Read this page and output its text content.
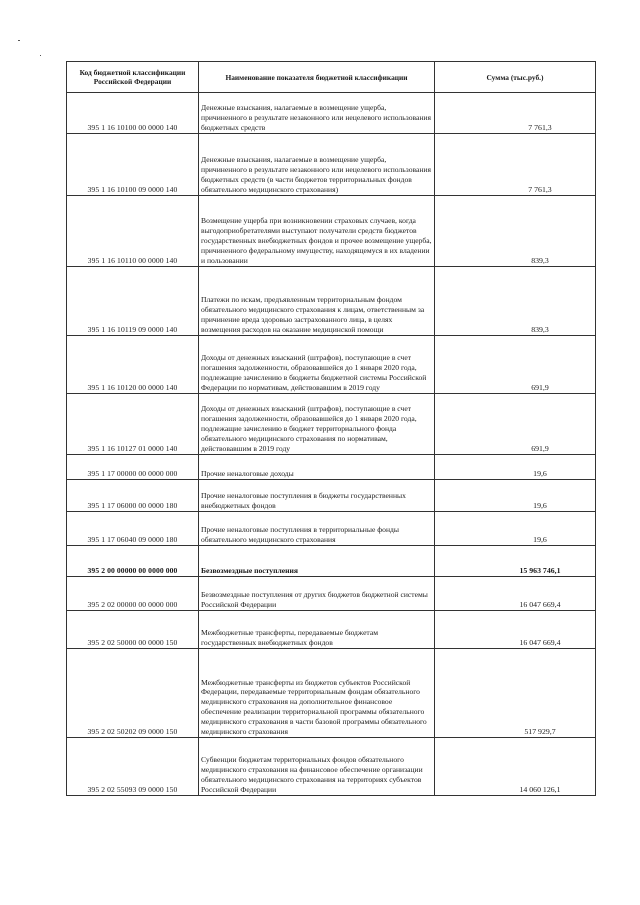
Код бюджетной классификации Российской Федерации	Наименование показателя бюджетной классификации	Сумма (тыс.руб.)
395 1 16 10100 00 0000 140	Денежные взыскания, налагаемые в возмещение ущерба, причиненного в результате незаконного или нецелевого использования бюджетных средств	7 761,3
395 1 16 10100 09 0000 140	Денежные взыскания, налагаемые в возмещение ущерба, причиненного в результате незаконного или нецелевого использования бюджетных средств (в части бюджетов территориальных фондов обязательного медицинского страхования)	7 761,3
395 1 16 10110 00 0000 140	Возмещение ущерба при возникновении страховых случаев, когда выгодоприобретателями выступают получатели средств бюджетов государственных внебюджетных фондов и прочее возмещение ущерба, причиненного федеральному имуществу, находящемуся в их владении и пользовании	839,3
395 1 16 10119 09 0000 140	Платежи по искам, предъявленным территориальным фондом обязательного медицинского страхования к лицам, ответственным за причинение вреда здоровью застрахованного лица, в целях возмещения расходов на оказание медицинской помощи	839,3
395 1 16 10120 00 0000 140	Доходы от денежных взысканий (штрафов), поступающие в счет погашения задолженности, образовавшейся до 1 января 2020 года, подлежащие зачислению в бюджеты бюджетной системы Российской Федерации по нормативам, действовавшим в 2019 году	691,9
395 1 16 10127 01 0000 140	Доходы от денежных взысканий (штрафов), поступающие в счет погашения задолженности, образовавшейся до 1 января 2020 года, подлежащие зачислению в бюджет территориального фонда обязательного медицинского страхования по нормативам, действовавшим в 2019 году	691,9
395 1 17 00000 00 0000 000	Прочие неналоговые доходы	19,6
395 1 17 06000 00 0000 180	Прочие неналоговые поступления в бюджеты государственных внебюджетных фондов	19,6
395 1 17 06040 09 0000 180	Прочие неналоговые поступления в территориальные фонды обязательного медицинского страхования	19,6
395 2 00 00000 00 0000 000	Безвозмездные поступления	15 963 746,1
395 2 02 00000 00 0000 000	Безвозмездные поступления от других бюджетов бюджетной системы Российской Федерации	16 047 669,4
395 2 02 50000 00 0000 150	Межбюджетные трансферты, передаваемые бюджетам государственных внебюджетных фондов	16 047 669,4
395 2 02 50202 09 0000 150	Межбюджетные трансферты из бюджетов субъектов Российской Федерации, передаваемые территориальным фондам обязательного медицинского страхования на дополнительное финансовое обеспечение реализации территориальной программы обязательного медицинского страхования в части базовой программы обязательного медицинского страхования	517 929,7
395 2 02 55093 09 0000 150	Субвенции бюджетам территориальных фондов обязательного медицинского страхования на финансовое обеспечение организации обязательного медицинского страхования на территориях субъектов Российской Федерации	14 060 126,1
